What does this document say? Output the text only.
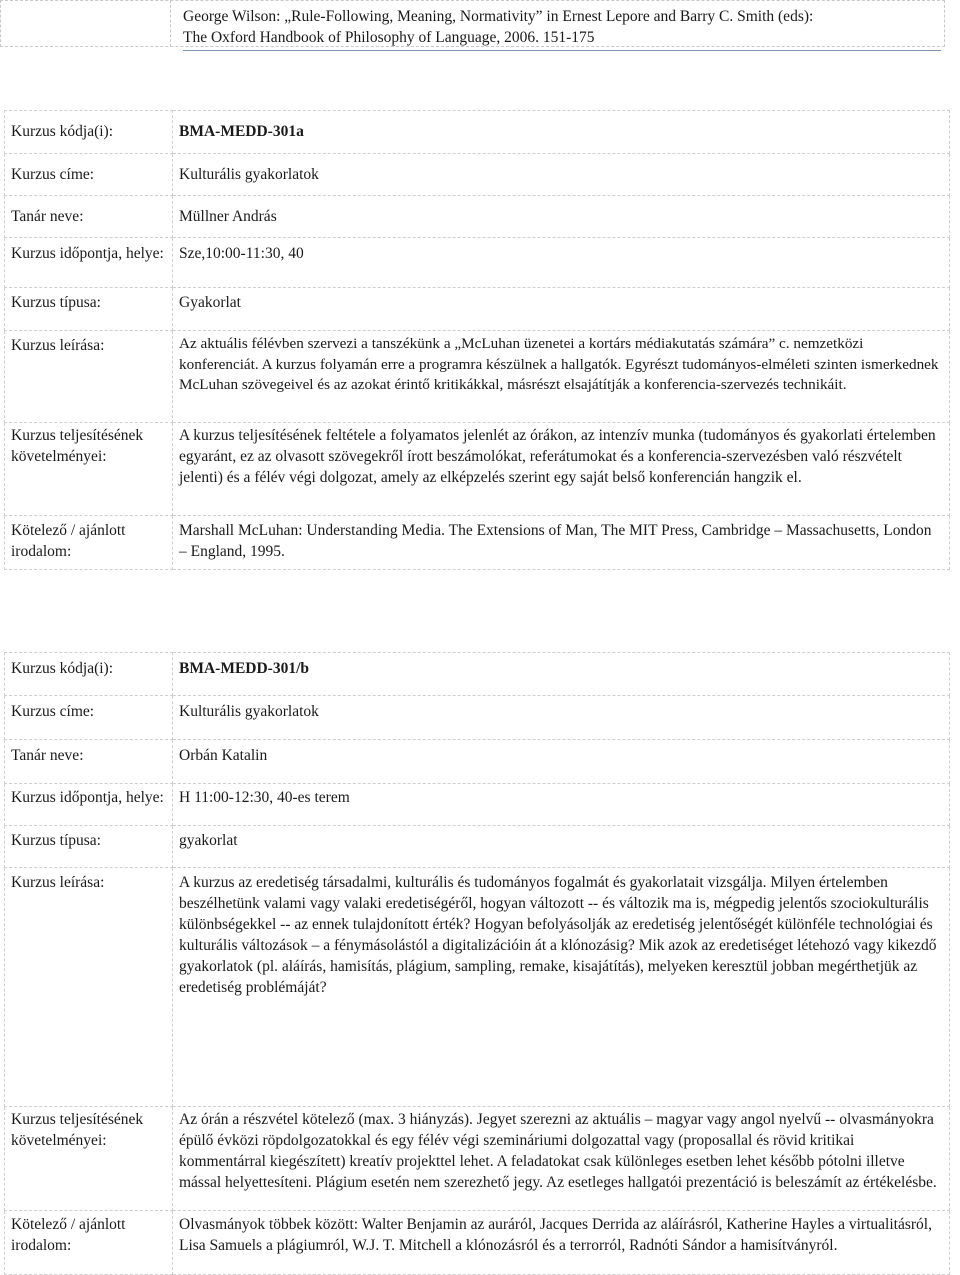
George Wilson: „Rule-Following, Meaning, Normativity” in Ernest Lepore and Barry C. Smith (eds):
The Oxford Handbook of Philosophy of Language, 2006. 151-175
Kurzus kódja(i):	BMA-MEDD-301a
Kurzus címe:	Kulturális gyakorlatok
Tanár neve:	Müllner András
Kurzus időpontja, helye:	Sze,10:00-11:30, 40
Kurzus típusa:	Gyakorlat
Kurzus leírása:	Az aktuális félévben szervezi a tanszékünk a „McLuhan üzenetei a kortárs médiakutatás számára” c. nemzetközi konferenciát. A kurzus folyamán erre a programra készülnek a hallgatók. Egyrészt tudományos-elméleti szinten ismerkednek McLuhan szövegeivel és az azokat érintő kritikákkal, másrészt elsajátítják a konferencia-szervezés technikáit.
Kurzus teljesítésének követelményei:	A kurzus teljesítésének feltétele a folyamatos jelenlét az órákon, az intenzív munka (tudományos és gyakorlati értelemben egyaránt, ez az olvasott szövegekről írott beszámolókat, referátumokat és a konferencia-szervezésben való részvételt jelenti) és a félév végi dolgozat, amely az elképzelés szerint egy saját belső konferencián hangzik el.
Kötelező / ajánlott irodalom:	Marshall McLuhan: Understanding Media. The Extensions of Man, The MIT Press, Cambridge – Massachusetts, London – England, 1995.
Kurzus kódja(i):	BMA-MEDD-301/b
Kurzus címe:	Kulturális gyakorlatok
Tanár neve:	Orbán Katalin
Kurzus időpontja, helye:	H 11:00-12:30, 40-es terem
Kurzus típusa:	gyakorlat
Kurzus leírása:	A kurzus az eredetiség társadalmi, kulturális és tudományos fogalmát és gyakorlatait vizsgálja. Milyen értelemben beszélhetünk valami vagy valaki eredetiségéről, hogyan változott -- és változik ma is, mégpedig jelentős szociokulturális különbségekkel -- az ennek tulajdonított érték? Hogyan befolyásolják az eredetiség jelentőségét különféle technológiai és kulturális változások – a fénymásolástól a digitalizációin át a klónozásig? Mik azok az eredetiséget létehozó vagy kikezdő gyakorlatok (pl. aláírás, hamisítás, plágium, sampling, remake, kisajátítás), melyeken keresztül jobban megérthetjük az eredetiség problémáját?
Kurzus teljesítésének követelményei:	Az órán a részvétel kötelező (max. 3 hiányzás). Jegyet szerezni az aktuális – magyar vagy angol nyelvű -- olvasmányokra épülő évközi röpdolgozatokkal és egy félév végi szemináriumi dolgozattal vagy (proposallal és rövid kritikai kommentárral kiegészített) kreatív projekttel lehet. A feladatokat csak különleges esetben lehet később pótolni illetve mással helyettesíteni. Plágium esetén nem szerezhető jegy. Az esetleges hallgatói prezentáció is beleszámít az értékelésbe.
Kötelező / ajánlott irodalom:	Olvasmányok többek között: Walter Benjamin az auráról, Jacques Derrida az aláírásról, Katherine Hayles a virtualitásról, Lisa Samuels a plágiumról, W.J. T. Mitchell a klónozásról és a terrorról, Radnóti Sándor a hamisítványról.
